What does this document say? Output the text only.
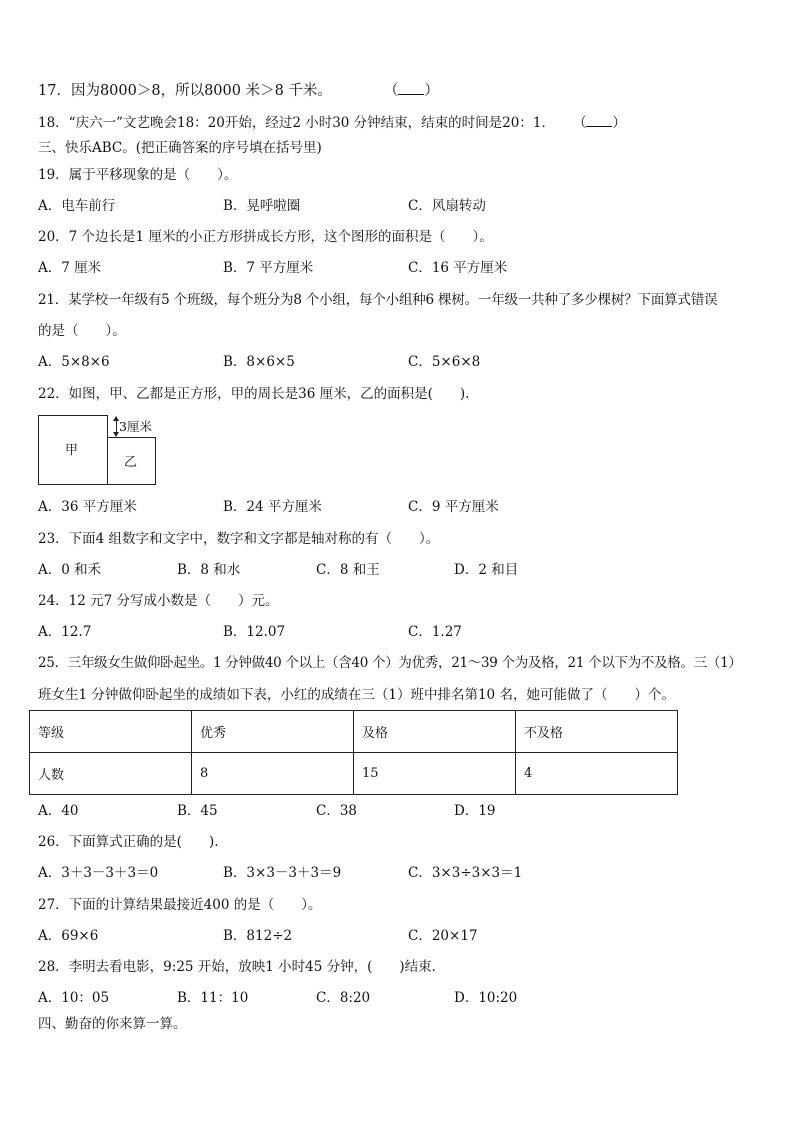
17．因为8000＞8，所以8000 米＞8 千米。	（ ）
18．“庆六一”文艺晚会18：20开始，经过2 小时30 分钟结束，结束的时间是20：1． （ ）
三、快乐ABC。(把正确答案的序号填在括号里)
19．属于平移现象的是（　　）。
A．电车前行	B．晃呼啦圈	C．风扇转动
20．7 个边长是1 厘米的小正方形拼成长方形，这个图形的面积是（　　）。
A．7 厘米	B．7 平方厘米	C．16 平方厘米
21．某学校一年级有5 个班级，每个班分为8 个小组，每个小组种6 棵树。一年级一共种了多少棵树？下面算式错误
的是（　　）。
A．5×8×6	B．8×6×5	C．5×6×8
22．如图，甲、乙都是正方形，甲的周长是36 厘米，乙的面积是(　　).
甲
乙
3厘米
A．36 平方厘米	B．24 平方厘米	C．9 平方厘米
23．下面4 组数字和文字中，数字和文字都是轴对称的有（　　）。
A．0 和禾	B．8 和水	C．8 和王	D．2 和目
24．12 元7 分写成小数是（　　）元。
A．12.7	B．12.07	C．1.27
25．三年级女生做仰卧起坐。1 分钟做40 个以上（含40 个）为优秀，21～39 个为及格，21 个以下为不及格。三（1）
班女生1 分钟做仰卧起坐的成绩如下表，小红的成绩在三（1）班中排名第10 名，她可能做了（　　）个。
等级	优秀	及格	不及格
人数	8	15	4
A．40	B．45	C．38	D．19
26．下面算式正确的是(　　).
A．3＋3－3＋3＝0	B．3×3－3＋3＝9	C．3×3÷3×3＝1
27．下面的计算结果最接近400 的是（　　）。
A．69×6	B．812÷2	C．20×17
28．李明去看电影，9:25 开始，放映1 小时45 分钟，(　　)结束．
A．10：05	B．11：10	C．8:20	D．10:20
四、勤奋的你来算一算。
